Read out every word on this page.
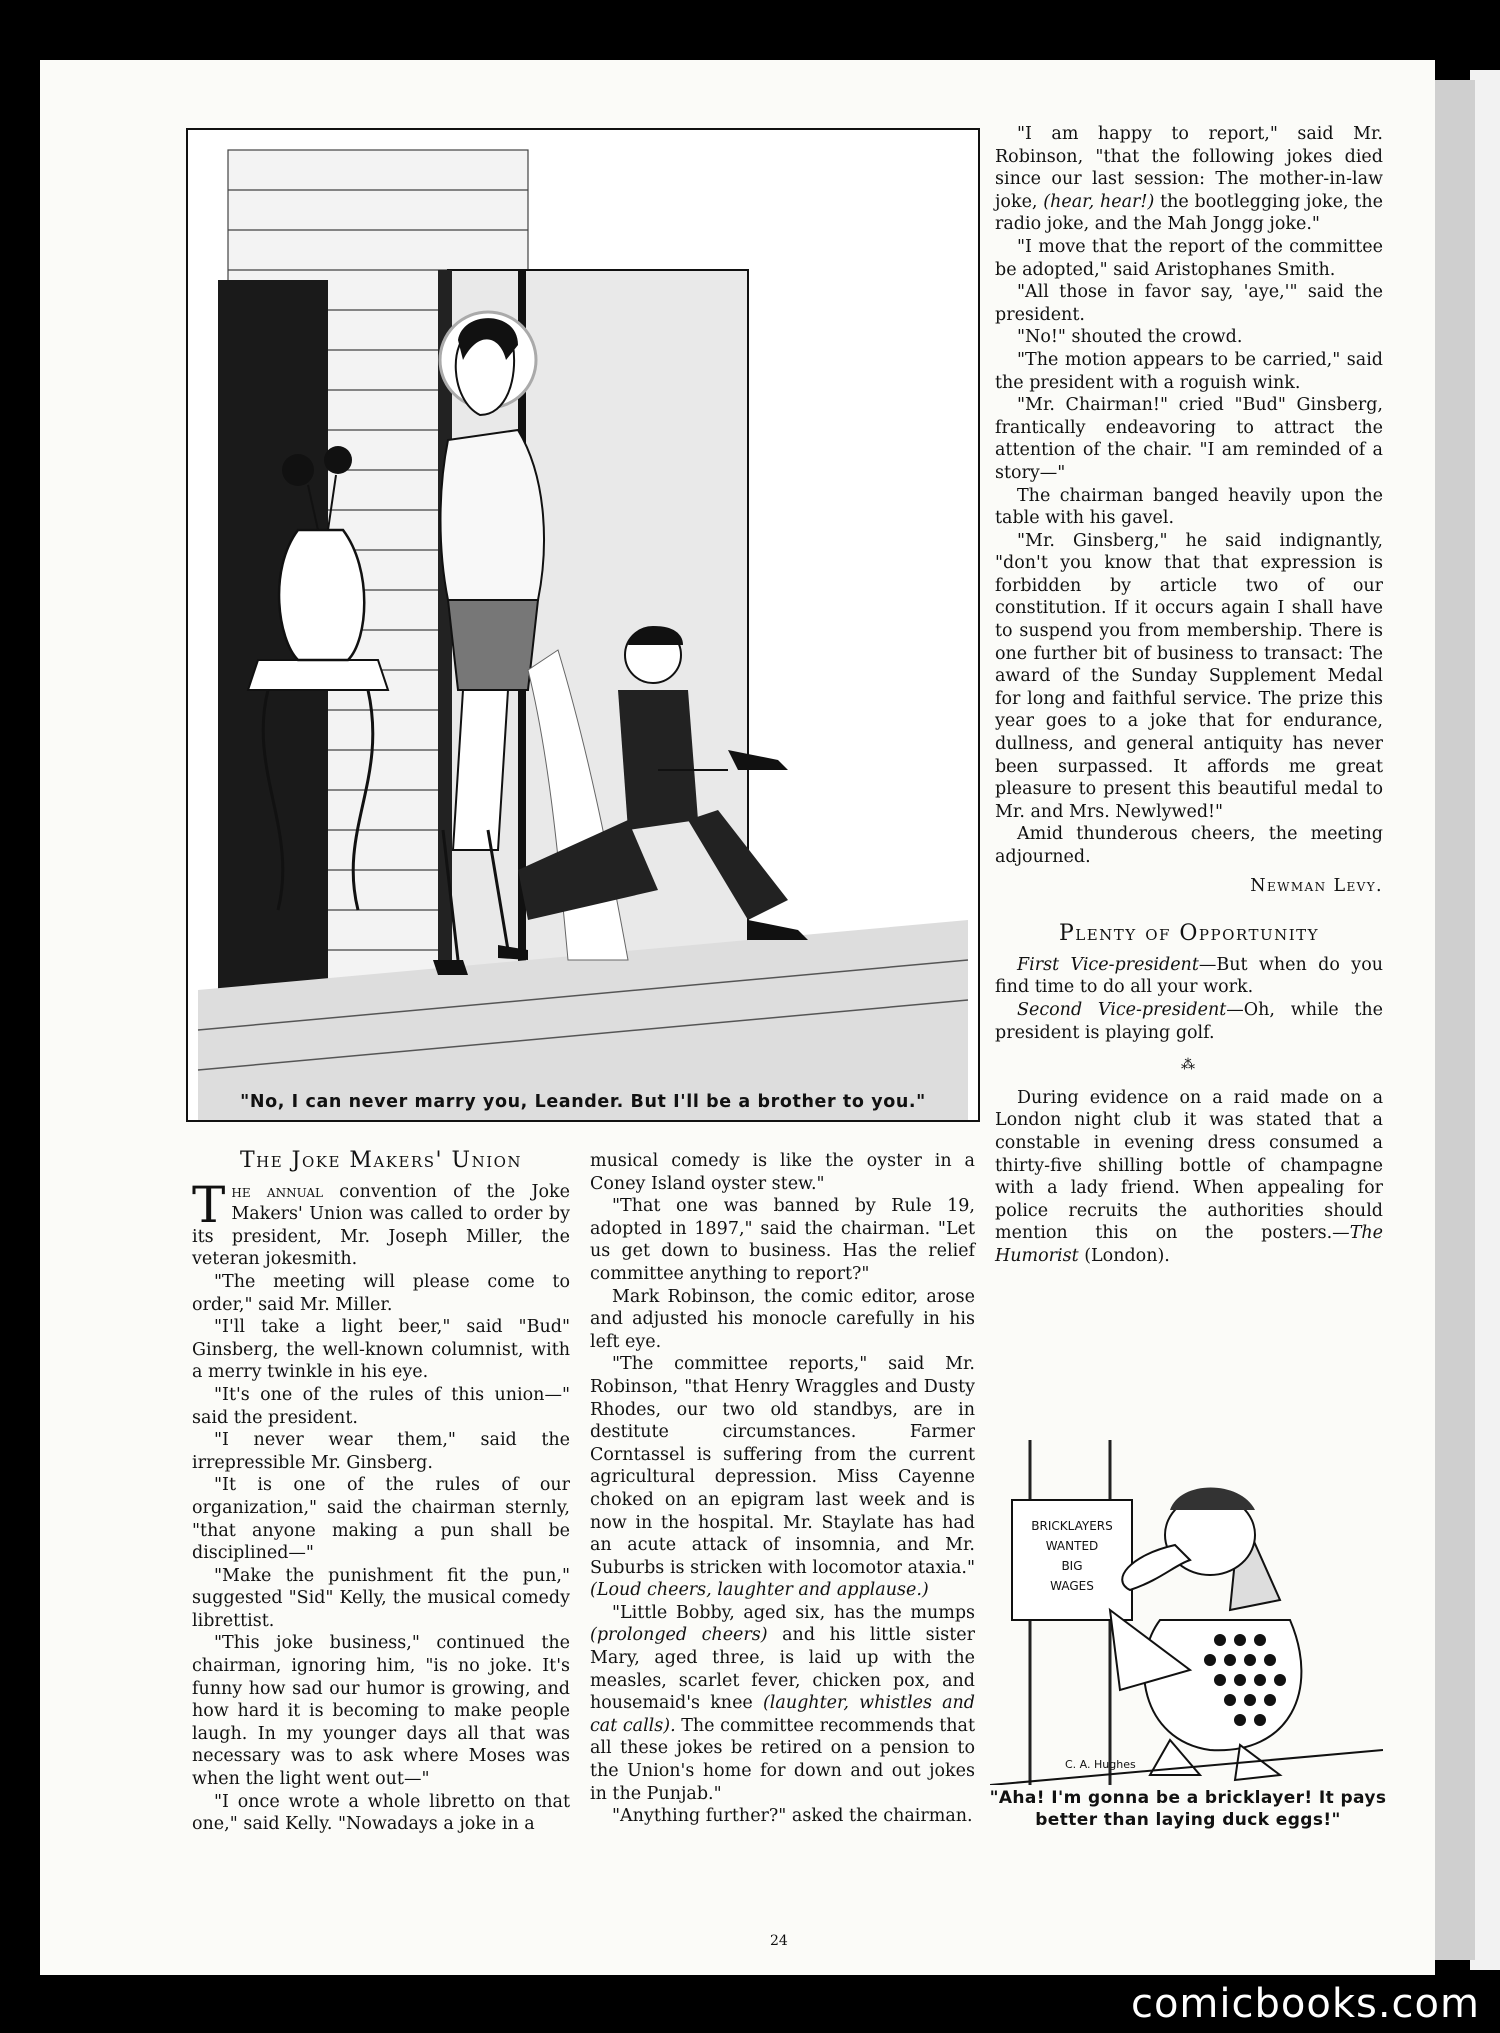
"No, I can never marry you, Leander. But I'll be a brother to you."
The Joke Makers' Union

The annual convention of the Joke Makers' Union was called to order by its president, Mr. Joseph Miller, the veteran jokesmith.

"The meeting will please come to order," said Mr. Miller.

"I'll take a light beer," said "Bud" Ginsberg, the well-known columnist, with a merry twinkle in his eye.

"It's one of the rules of this union—" said the president.

"I never wear them," said the irrepressible Mr. Ginsberg.

"It is one of the rules of our organization," said the chairman sternly, "that anyone making a pun shall be disciplined—"

"Make the punishment fit the pun," suggested "Sid" Kelly, the musical comedy librettist.

"This joke business," continued the chairman, ignoring him, "is no joke. It's funny how sad our humor is growing, and how hard it is becoming to make people laugh. In my younger days all that was necessary was to ask where Moses was when the light went out—"

"I once wrote a whole libretto on that one," said Kelly. "Nowadays a joke in a

musical comedy is like the oyster in a Coney Island oyster stew."

"That one was banned by Rule 19, adopted in 1897," said the chairman. "Let us get down to business. Has the relief committee anything to report?"

Mark Robinson, the comic editor, arose and adjusted his monocle carefully in his left eye.

"The committee reports," said Mr. Robinson, "that Henry Wraggles and Dusty Rhodes, our two old standbys, are in destitute circumstances. Farmer Corntassel is suffering from the current agricultural depression. Miss Cayenne choked on an epigram last week and is now in the hospital. Mr. Staylate has had an acute attack of insomnia, and Mr. Suburbs is stricken with locomotor ataxia." (Loud cheers, laughter and applause.)

"Little Bobby, aged six, has the mumps (prolonged cheers) and his little sister Mary, aged three, is laid up with the measles, scarlet fever, chicken pox, and housemaid's knee (laughter, whistles and cat calls). The committee recommends that all these jokes be retired on a pension to the Union's home for down and out jokes in the Punjab."

"Anything further?" asked the chairman.

"I am happy to report," said Mr. Robinson, "that the following jokes died since our last session: The mother-in-law joke, (hear, hear!) the bootlegging joke, the radio joke, and the Mah Jongg joke."

"I move that the report of the committee be adopted," said Aristophanes Smith.

"All those in favor say, 'aye,'" said the president.

"No!" shouted the crowd.

"The motion appears to be carried," said the president with a roguish wink.

"Mr. Chairman!" cried "Bud" Ginsberg, frantically endeavoring to attract the attention of the chair. "I am reminded of a story—"

The chairman banged heavily upon the table with his gavel.

"Mr. Ginsberg," he said indignantly, "don't you know that that expression is forbidden by article two of our constitution. If it occurs again I shall have to suspend you from membership. There is one further bit of business to transact: The award of the Sunday Supplement Medal for long and faithful service. The prize this year goes to a joke that for endurance, dullness, and general antiquity has never been surpassed. It affords me great pleasure to present this beautiful medal to Mr. and Mrs. Newlywed!"

Amid thunderous cheers, the meeting adjourned.

Newman Levy.
Plenty of Opportunity

First Vice-president—But when do you find time to do all your work.

Second Vice-president—Oh, while the president is playing golf.

⁂

During evidence on a raid made on a London night club it was stated that a constable in evening dress consumed a thirty-five shilling bottle of champagne with a lady friend. When appealing for police recruits the authorities should mention this on the posters.—The Humorist (London).

BRICKLAYERS
WANTED
BIG
WAGES
C. A. Hughes
"Aha! I'm gonna be a bricklayer! It pays better than laying duck eggs!"
24
comicbooks.com
